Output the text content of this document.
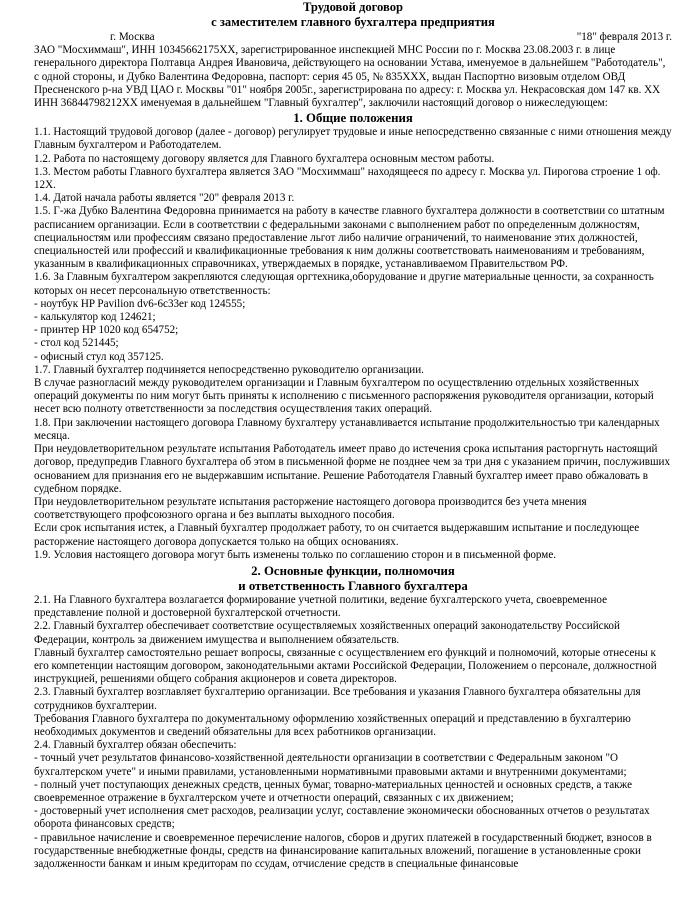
Трудовой договор

с заместителем главного бухгалтера предприятия

г. Москва	"18" февраля 2013 г.

ЗАО "Мосхиммаш", ИНН 10345662175ХХ, зарегистрированное инспекцией МНС России по г. Москва 23.08.2003 г. в лице генерального директора Полтавца Андрея Ивановича, действующего на основании Устава, именуемое в дальнейшем "Работодатель", с одной стороны, и Дубко Валентина Федоровна, паспорт: серия 45 05, № 835ХХХ, выдан Паспортно визовым отделом ОВД Пресненского р-на УВД ЦАО г. Москвы "01" ноября 2005г., зарегистрирована по адресу: г. Москва ул. Некрасовская дом 147 кв. ХХ ИНН 36844798212ХХ именуемая в дальнейшем "Главный бухгалтер", заключили настоящий договор о нижеследующем:

1. Общие положения

1.1. Настоящий трудовой договор (далее - договор) регулирует трудовые и иные непосредственно связанные с ними отношения между Главным бухгалтером и Работодателем.

1.2. Работа по настоящему договору является для Главного бухгалтера основным местом работы.

1.3. Местом работы Главного бухгалтера является ЗАО "Мосхиммаш" находящееся по адресу г. Москва ул. Пирогова строение 1 оф. 12Х.

1.4. Датой начала работы является "20" февраля 2013 г.

1.5. Г-жа Дубко Валентина Федоровна принимается на работу в качестве главного бухгалтера должности в соответствии со штатным расписанием организации. Если в соответствии с федеральными законами с выполнением работ по определенным должностям, специальностям или профессиям связано предоставление льгот либо наличие ограничений, то наименование этих должностей, специальностей или профессий и квалификационные требования к ним должны соответствовать наименованиям и требованиям, указанным в квалификационных справочниках, утверждаемых в порядке, устанавливаемом Правительством РФ.

1.6. За Главным бухгалтером закрепляются следующая оргтехника,оборудование и другие материальные ценности, за сохранность которых он несет персональную ответственность:

- ноутбук HP Pavilion dv6-6c33er код 124555;

- калькулятор код 124621;

- принтер HP 1020 код 654752;

- стол код 521445;

- офисный стул код 357125.

1.7. Главный бухгалтер подчиняется непосредственно руководителю организации.

В случае разногласий между руководителем организации и Главным бухгалтером по осуществлению отдельных хозяйственных операций документы по ним могут быть приняты к исполнению с письменного распоряжения руководителя организации, который несет всю полноту ответственности за последствия осуществления таких операций.

1.8. При заключении настоящего договора Главному бухгалтеру устанавливается испытание продолжительностью три календарных месяца.

При неудовлетворительном результате испытания Работодатель имеет право до истечения срока испытания расторгнуть настоящий договор, предупредив Главного бухгалтера об этом в письменной форме не позднее чем за три дня с указанием причин, послуживших основанием для признания его не выдержавшим испытание. Решение Работодателя Главный бухгалтер имеет право обжаловать в судебном порядке.

При неудовлетворительном результате испытания расторжение настоящего договора производится без учета мнения соответствующего профсоюзного органа и без выплаты выходного пособия.

Если срок испытания истек, а Главный бухгалтер продолжает работу, то он считается выдержавшим испытание и последующее расторжение настоящего договора допускается только на общих основаниях.

1.9. Условия настоящего договора могут быть изменены только по соглашению сторон и в письменной форме.

2. Основные функции, полномочия

и ответственность Главного бухгалтера

2.1. На Главного бухгалтера возлагается формирование учетной политики, ведение бухгалтерского учета, своевременное представление полной и достоверной бухгалтерской отчетности.

2.2. Главный бухгалтер обеспечивает соответствие осуществляемых хозяйственных операций законодательству Российской Федерации, контроль за движением имущества и выполнением обязательств.

Главный бухгалтер самостоятельно решает вопросы, связанные с осуществлением его функций и полномочий, которые отнесены к его компетенции настоящим договором, законодательными актами Российской Федерации, Положением о персонале, должностной инструкцией, решениями общего собрания акционеров и совета директоров.

2.3. Главный бухгалтер возглавляет бухгалтерию организации. Все требования и указания Главного бухгалтера обязательны для сотрудников бухгалтерии.

Требования Главного бухгалтера по документальному оформлению хозяйственных операций и представлению в бухгалтерию необходимых документов и сведений обязательны для всех работников организации.

2.4. Главный бухгалтер обязан обеспечить:

- точный учет результатов финансово-хозяйственной деятельности организации в соответствии с Федеральным законом "О бухгалтерском учете" и иными правилами, установленными нормативными правовыми актами и внутренними документами;

- полный учет поступающих денежных средств, ценных бумаг, товарно-материальных ценностей и основных средств, а также своевременное отражение в бухгалтерском учете и отчетности операций, связанных с их движением;

- достоверный учет исполнения смет расходов, реализации услуг, составление экономически обоснованных отчетов о результатах оборота финансовых средств;

- правильное начисление и своевременное перечисление налогов, сборов и других платежей в государственный бюджет, взносов в государственные внебюджетные фонды, средств на финансирование капитальных вложений, погашение в установленные сроки задолженности банкам и иным кредиторам по ссудам, отчисление средств в специальные финансовые
